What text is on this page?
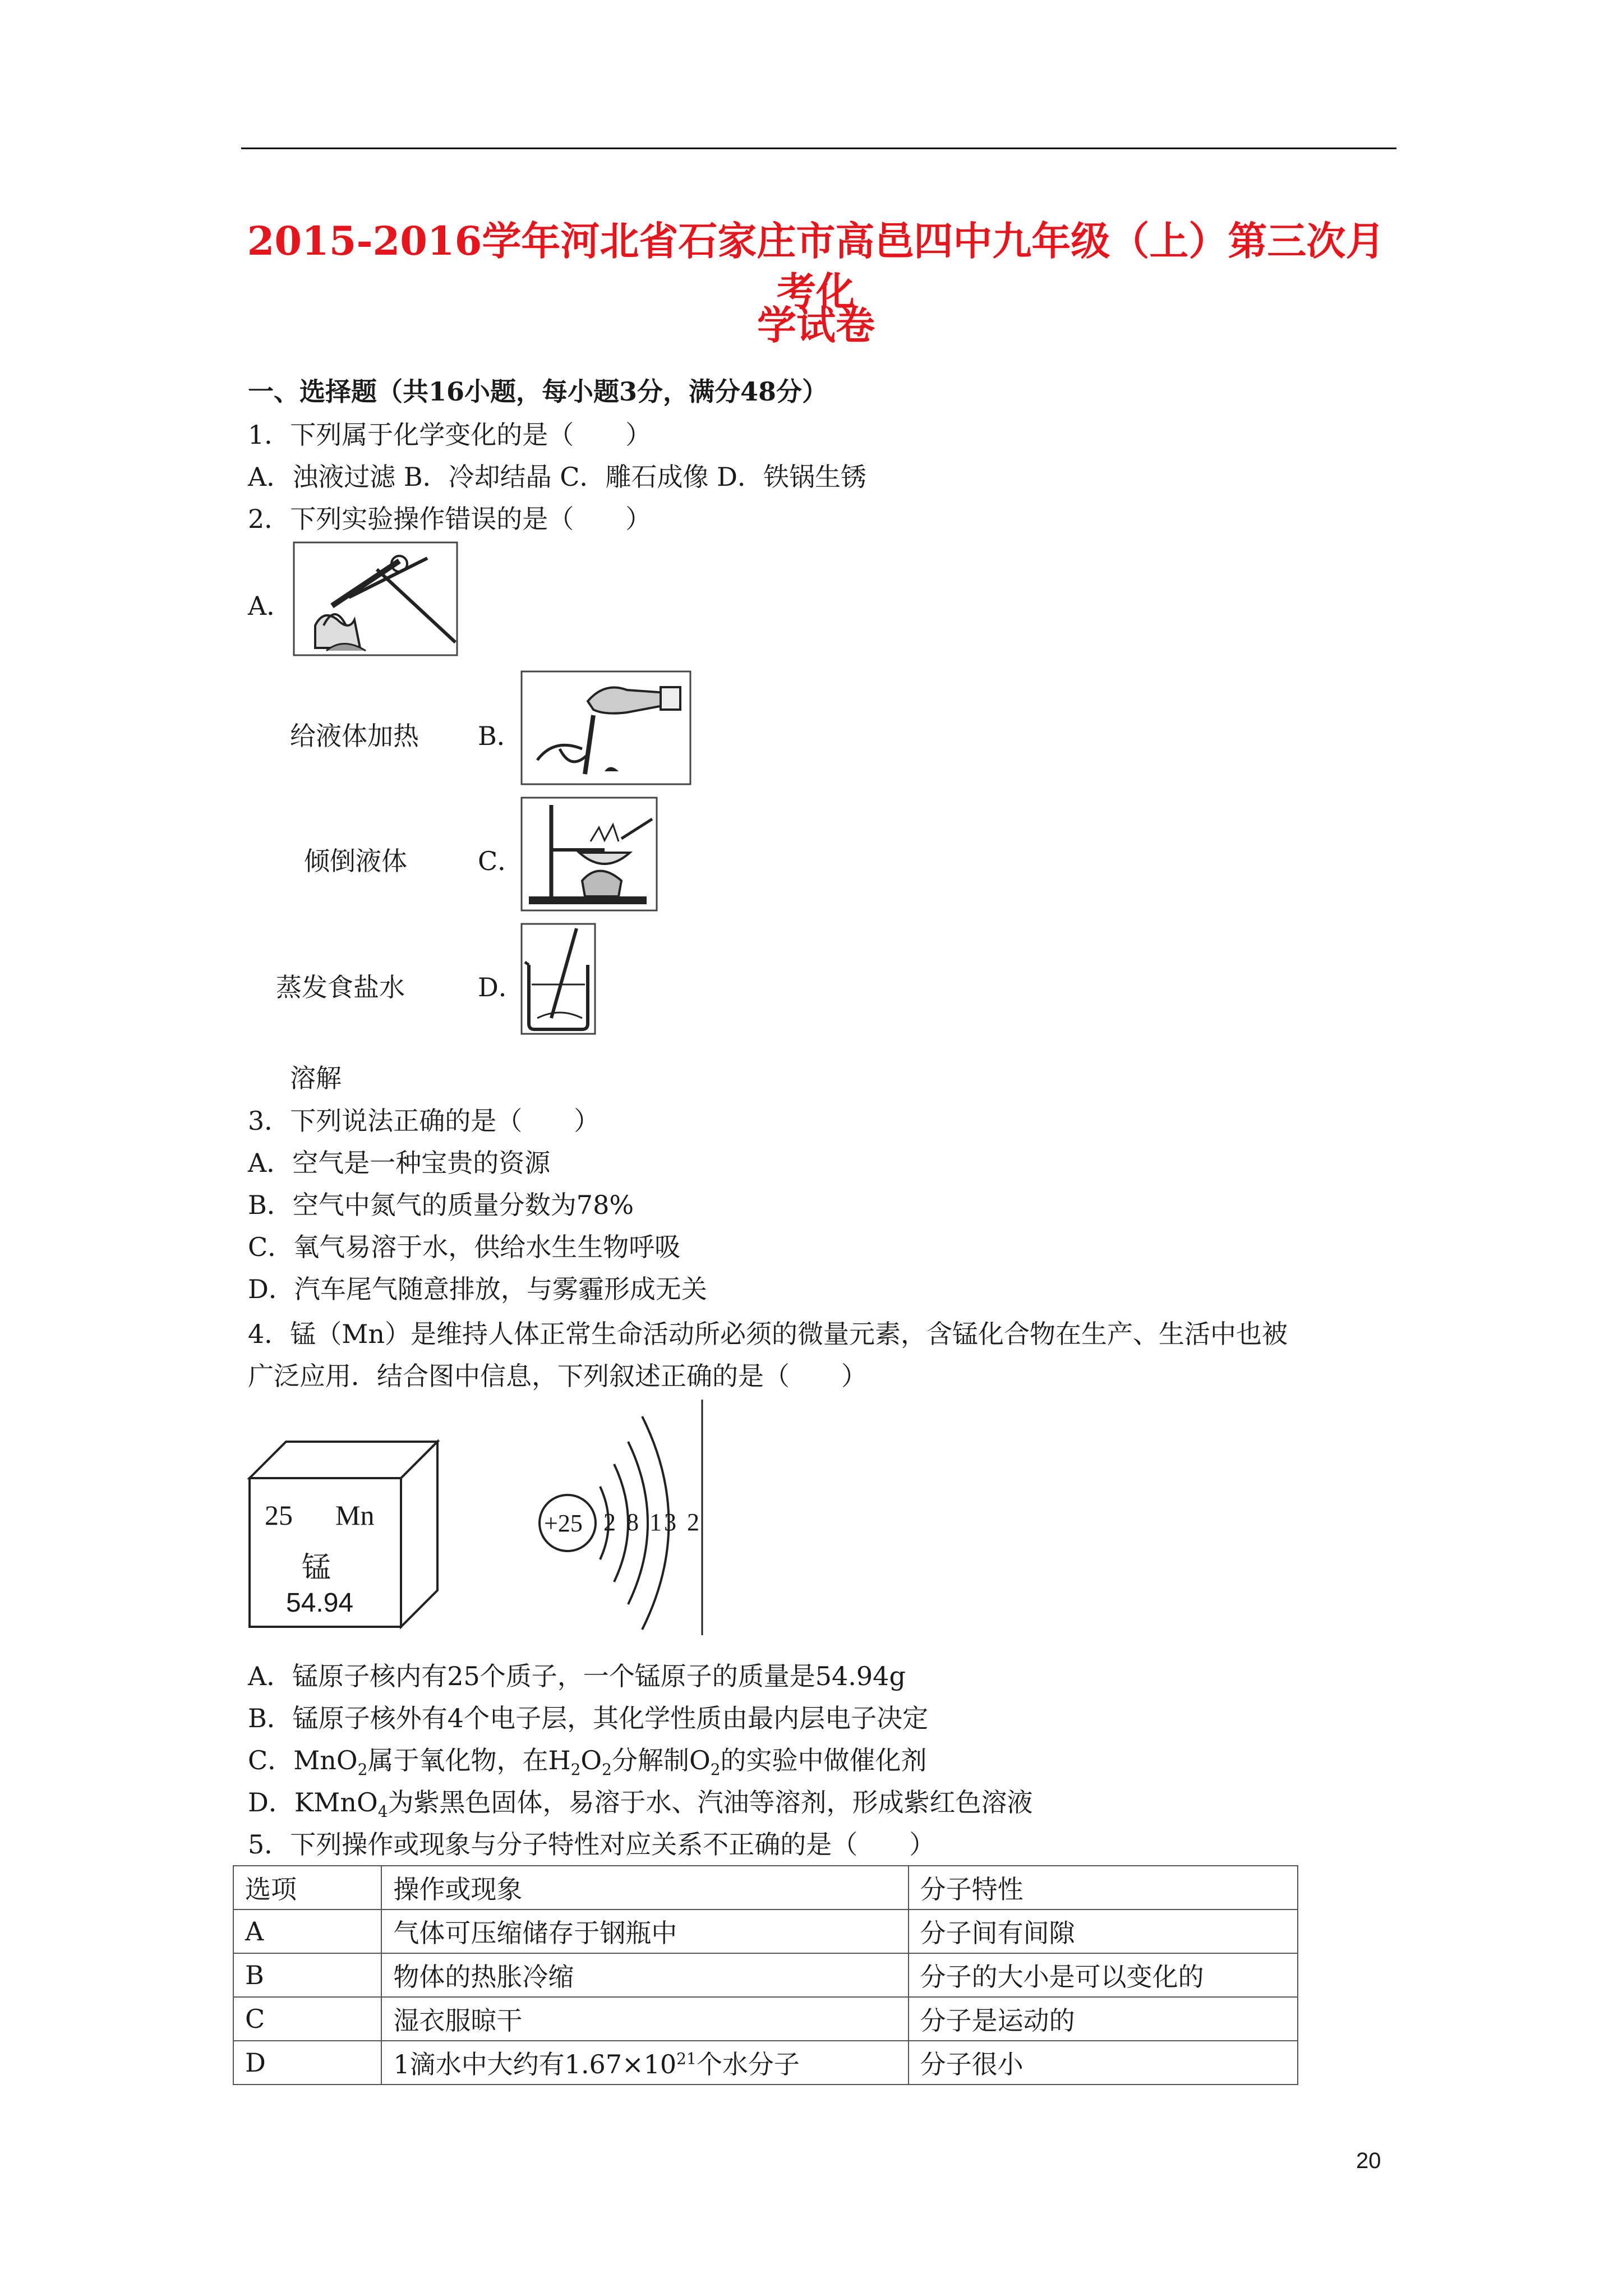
2015-2016学年河北省石家庄市高邑四中九年级（上）第三次月考化
学试卷
一、选择题（共16小题，每小题3分，满分48分）
1．下列属于化学变化的是（　　）
A．浊液过滤 B．冷却结晶 C．雕石成像 D．铁锅生锈
2．下列实验操作错误的是（　　）
A．
给液体加热 B．
倾倒液体	C．
蒸发食盐水	D．
溶解
3．下列说法正确的是（　　）
A．空气是一种宝贵的资源
B．空气中氮气的质量分数为78%
C．氧气易溶于水，供给水生生物呼吸
D．汽车尾气随意排放，与雾霾形成无关
4．锰（Mn）是维持人体正常生命活动所必须的微量元素，含锰化合物在生产、生活中也被
广泛应用．结合图中信息，下列叙述正确的是（　　）
25 Mn
锰
54.94
+25 2 8 13 2
A．锰原子核内有25个质子，一个锰原子的质量是54.94g
B．锰原子核外有4个电子层，其化学性质由最内层电子决定
C．MnO$_2$属于氧化物，在$H_2O_2$分解制$O_2$的实验中做催化剂
D．KMnO$_4$为紫黑色固体，易溶于水、汽油等溶剂，形成紫红色溶液
5．下列操作或现象与分子特性对应关系不正确的是（　　）
选项	操作或现象	分子特性
A	气体可压缩储存于钢瓶中	分子间有间隙
B	物体的热胀冷缩	分子的大小是可以变化的
C	湿衣服晾干	分子是运动的
D	1滴水中大约有$1.67\times 10^{21}$个水分子	分子很小
20
